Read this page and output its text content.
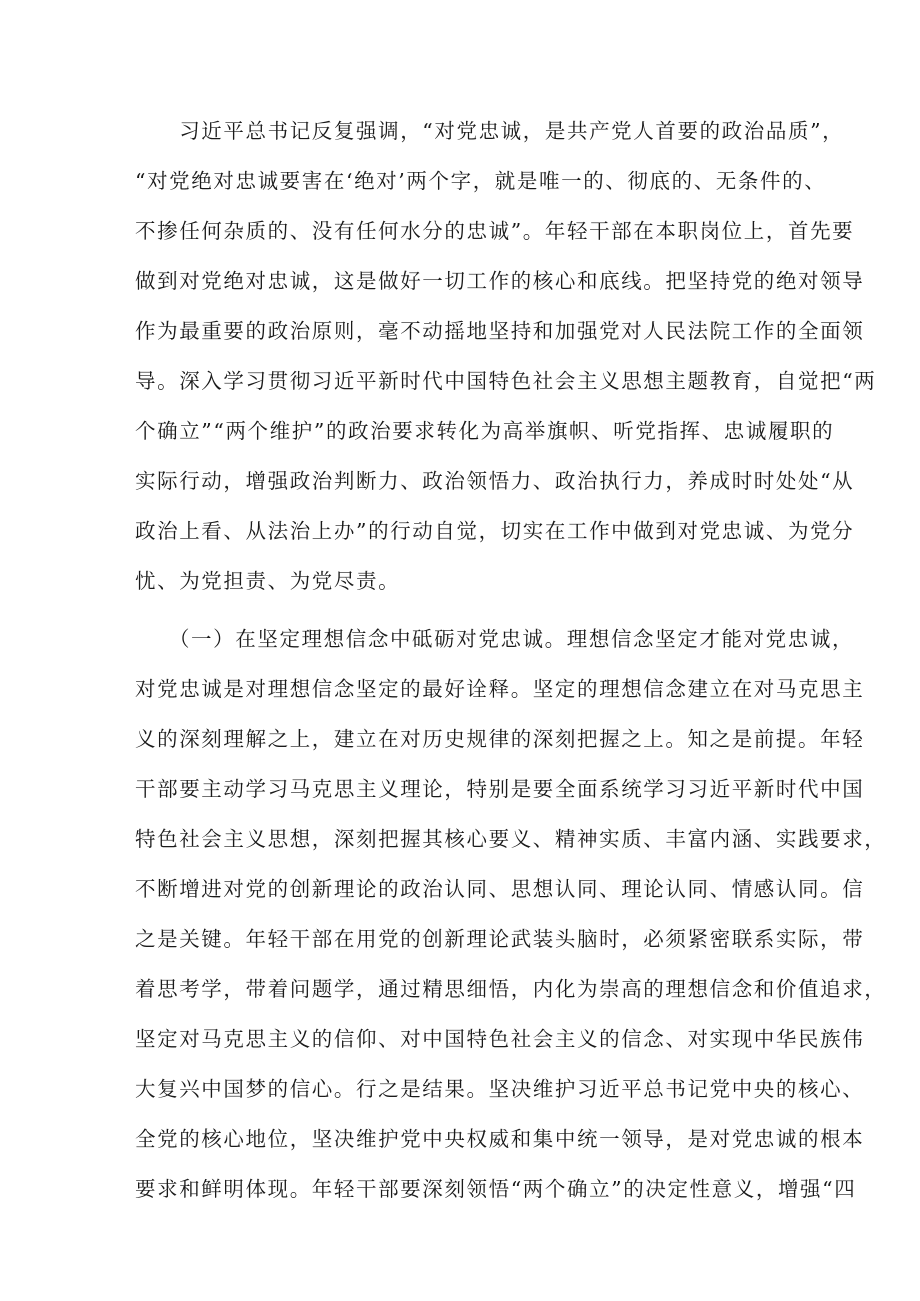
　　习近平总书记反复强调，“对党忠诚，是共产党人首要的政治品质”，
“对党绝对忠诚要害在‘绝对’两个字，就是唯一的、彻底的、无条件的、
不掺任何杂质的、没有任何水分的忠诚”。年轻干部在本职岗位上，首先要
做到对党绝对忠诚，这是做好一切工作的核心和底线。把坚持党的绝对领导
作为最重要的政治原则，毫不动摇地坚持和加强党对人民法院工作的全面领
导。深入学习贯彻习近平新时代中国特色社会主义思想主题教育，自觉把“两
个确立”“两个维护”的政治要求转化为高举旗帜、听党指挥、忠诚履职的
实际行动，增强政治判断力、政治领悟力、政治执行力，养成时时处处“从
政治上看、从法治上办”的行动自觉，切实在工作中做到对党忠诚、为党分
忧、为党担责、为党尽责。
　　（一）在坚定理想信念中砥砺对党忠诚。理想信念坚定才能对党忠诚，
对党忠诚是对理想信念坚定的最好诠释。坚定的理想信念建立在对马克思主
义的深刻理解之上，建立在对历史规律的深刻把握之上。知之是前提。年轻
干部要主动学习马克思主义理论，特别是要全面系统学习习近平新时代中国
特色社会主义思想，深刻把握其核心要义、精神实质、丰富内涵、实践要求，
不断增进对党的创新理论的政治认同、思想认同、理论认同、情感认同。信
之是关键。年轻干部在用党的创新理论武装头脑时，必须紧密联系实际，带
着思考学，带着问题学，通过精思细悟，内化为崇高的理想信念和价值追求，
坚定对马克思主义的信仰、对中国特色社会主义的信念、对实现中华民族伟
大复兴中国梦的信心。行之是结果。坚决维护习近平总书记党中央的核心、
全党的核心地位，坚决维护党中央权威和集中统一领导，是对党忠诚的根本
要求和鲜明体现。年轻干部要深刻领悟“两个确立”的决定性意义，增强“四
